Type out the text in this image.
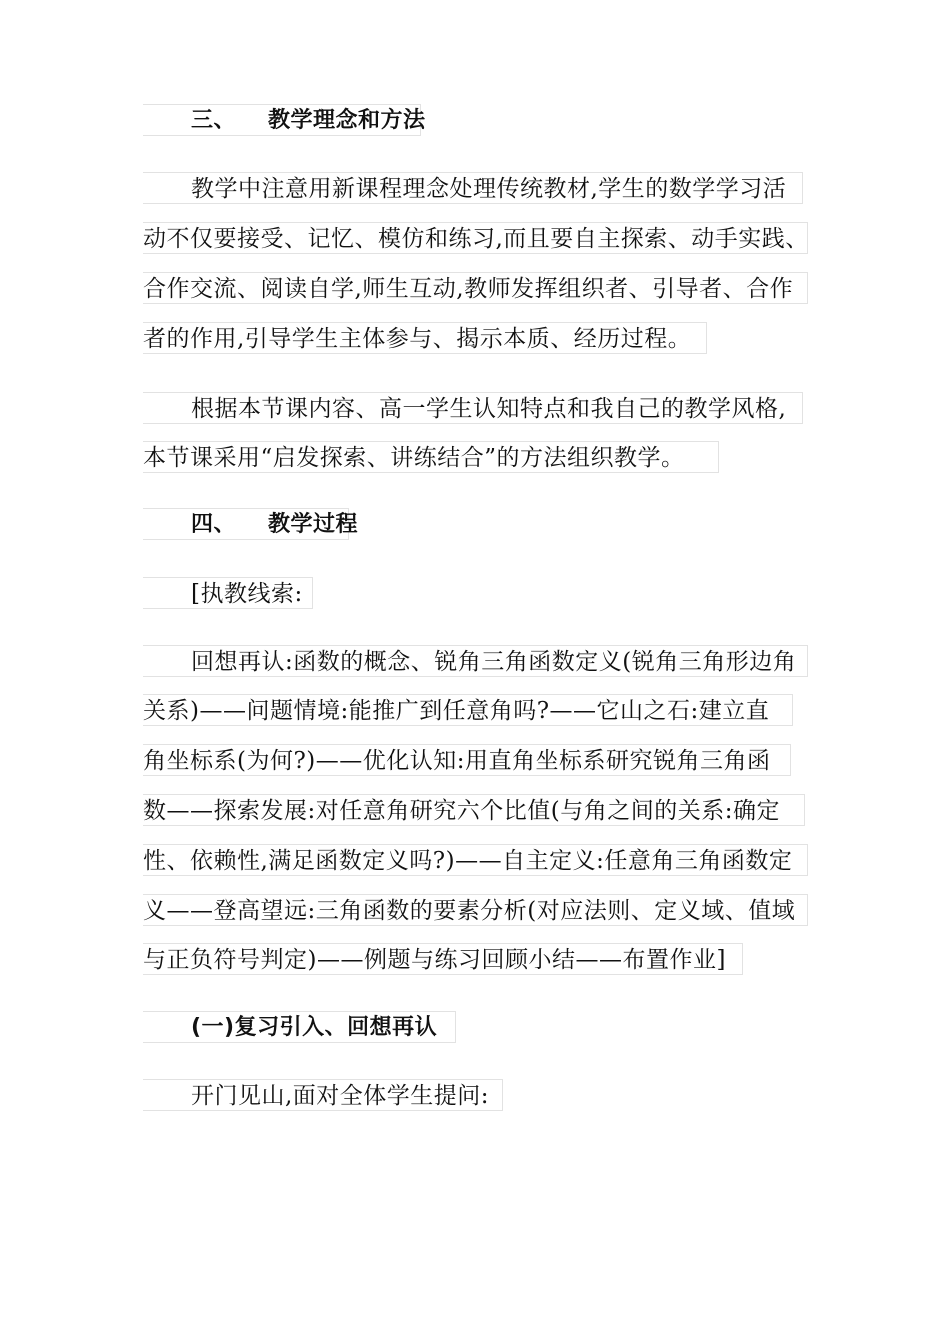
三、 教学理念和方法
教学中注意用新课程理念处理传统教材,学生的数学学习活
动不仅要接受、记忆、模仿和练习,而且要自主探索、动手实践、
合作交流、阅读自学,师生互动,教师发挥组织者、引导者、合作
者的作用,引导学生主体参与、揭示本质、经历过程。
根据本节课内容、高一学生认知特点和我自己的教学风格,
本节课采用“启发探索、讲练结合”的方法组织教学。
四、 教学过程
[执教线索:
回想再认:函数的概念、锐角三角函数定义(锐角三角形边角
关系)——问题情境:能推广到任意角吗?——它山之石:建立直
角坐标系(为何?)——优化认知:用直角坐标系研究锐角三角函
数——探索发展:对任意角研究六个比值(与角之间的关系:确定
性、依赖性,满足函数定义吗?)——自主定义:任意角三角函数定
义——登高望远:三角函数的要素分析(对应法则、定义域、值域
与正负符号判定)——例题与练习回顾小结——布置作业]
(一)复习引入、回想再认
开门见山,面对全体学生提问:
